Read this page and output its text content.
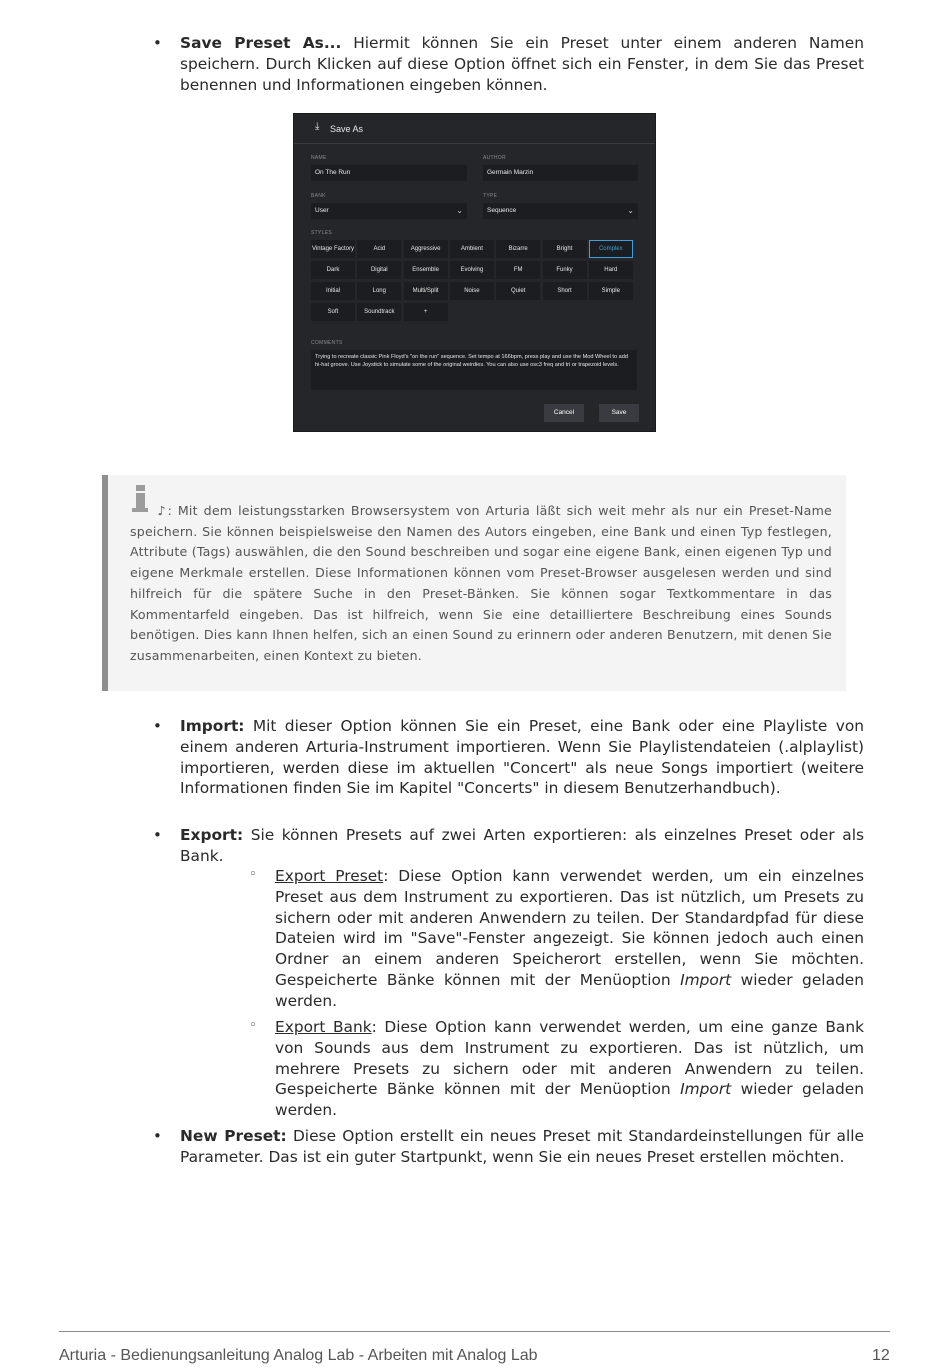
• Save Preset As... Hiermit können Sie ein Preset unter einem anderen Namen speichern. Durch Klicken auf diese Option öffnet sich ein Fenster, in dem Sie das Preset benennen und Informationen eingeben können.
⤓ Save As
NAME
On The Run
AUTHOR
Germain Marzin
BANK
User	⌄
TYPE
Sequence	⌄
STYLES
Vintage Factory	Acid	Aggressive	Ambient	Bizarre	Bright	Complex
Dark	Digital	Ensemble	Evolving	FM	Funky	Hard
Initial	Long	Multi/Split	Noise	Quiet	Short	Simple
Soft	Soundtrack	+
COMMENTS
Trying to recreate classic Pink Floyd's "on the run" sequence. Set tempo at 166bpm, press play and use the Mod Wheel to add hi-hat groove. Use Joystick to simulate some of the original weirdies. You can also use osc3 freq and tri or trapezoid levels.
Cancel	Save
♪: Mit dem leistungsstarken Browsersystem von Arturia läßt sich weit mehr als nur ein Preset-Name speichern. Sie können beispielsweise den Namen des Autors eingeben, eine Bank und einen Typ festlegen, Attribute (Tags) auswählen, die den Sound beschreiben und sogar eine eigene Bank, einen eigenen Typ und eigene Merkmale erstellen. Diese Informationen können vom Preset-Browser ausgelesen werden und sind hilfreich für die spätere Suche in den Preset-Bänken. Sie können sogar Textkommentare in das Kommentarfeld eingeben. Das ist hilfreich, wenn Sie eine detailliertere Beschreibung eines Sounds benötigen. Dies kann Ihnen helfen, sich an einen Sound zu erinnern oder anderen Benutzern, mit denen Sie zusammenarbeiten, einen Kontext zu bieten.
• Import: Mit dieser Option können Sie ein Preset, eine Bank oder eine Playliste von einem anderen Arturia-Instrument importieren. Wenn Sie Playlistendateien (.alplaylist) importieren, werden diese im aktuellen "Concert" als neue Songs importiert (weitere Informationen finden Sie im Kapitel "Concerts" in diesem Benutzerhandbuch).
• Export: Sie können Presets auf zwei Arten exportieren: als einzelnes Preset oder als Bank.
◦ Export Preset: Diese Option kann verwendet werden, um ein einzelnes Preset aus dem Instrument zu exportieren. Das ist nützlich, um Presets zu sichern oder mit anderen Anwendern zu teilen. Der Standardpfad für diese Dateien wird im "Save"-Fenster angezeigt. Sie können jedoch auch einen Ordner an einem anderen Speicherort erstellen, wenn Sie möchten. Gespeicherte Bänke können mit der Menüoption Import wieder geladen werden.
◦ Export Bank: Diese Option kann verwendet werden, um eine ganze Bank von Sounds aus dem Instrument zu exportieren. Das ist nützlich, um mehrere Presets zu sichern oder mit anderen Anwendern zu teilen. Gespeicherte Bänke können mit der Menüoption Import wieder geladen werden.
• New Preset: Diese Option erstellt ein neues Preset mit Standardeinstellungen für alle Parameter. Das ist ein guter Startpunkt, wenn Sie ein neues Preset erstellen möchten.
Arturia - Bedienungsanleitung Analog Lab - Arbeiten mit Analog Lab	12
